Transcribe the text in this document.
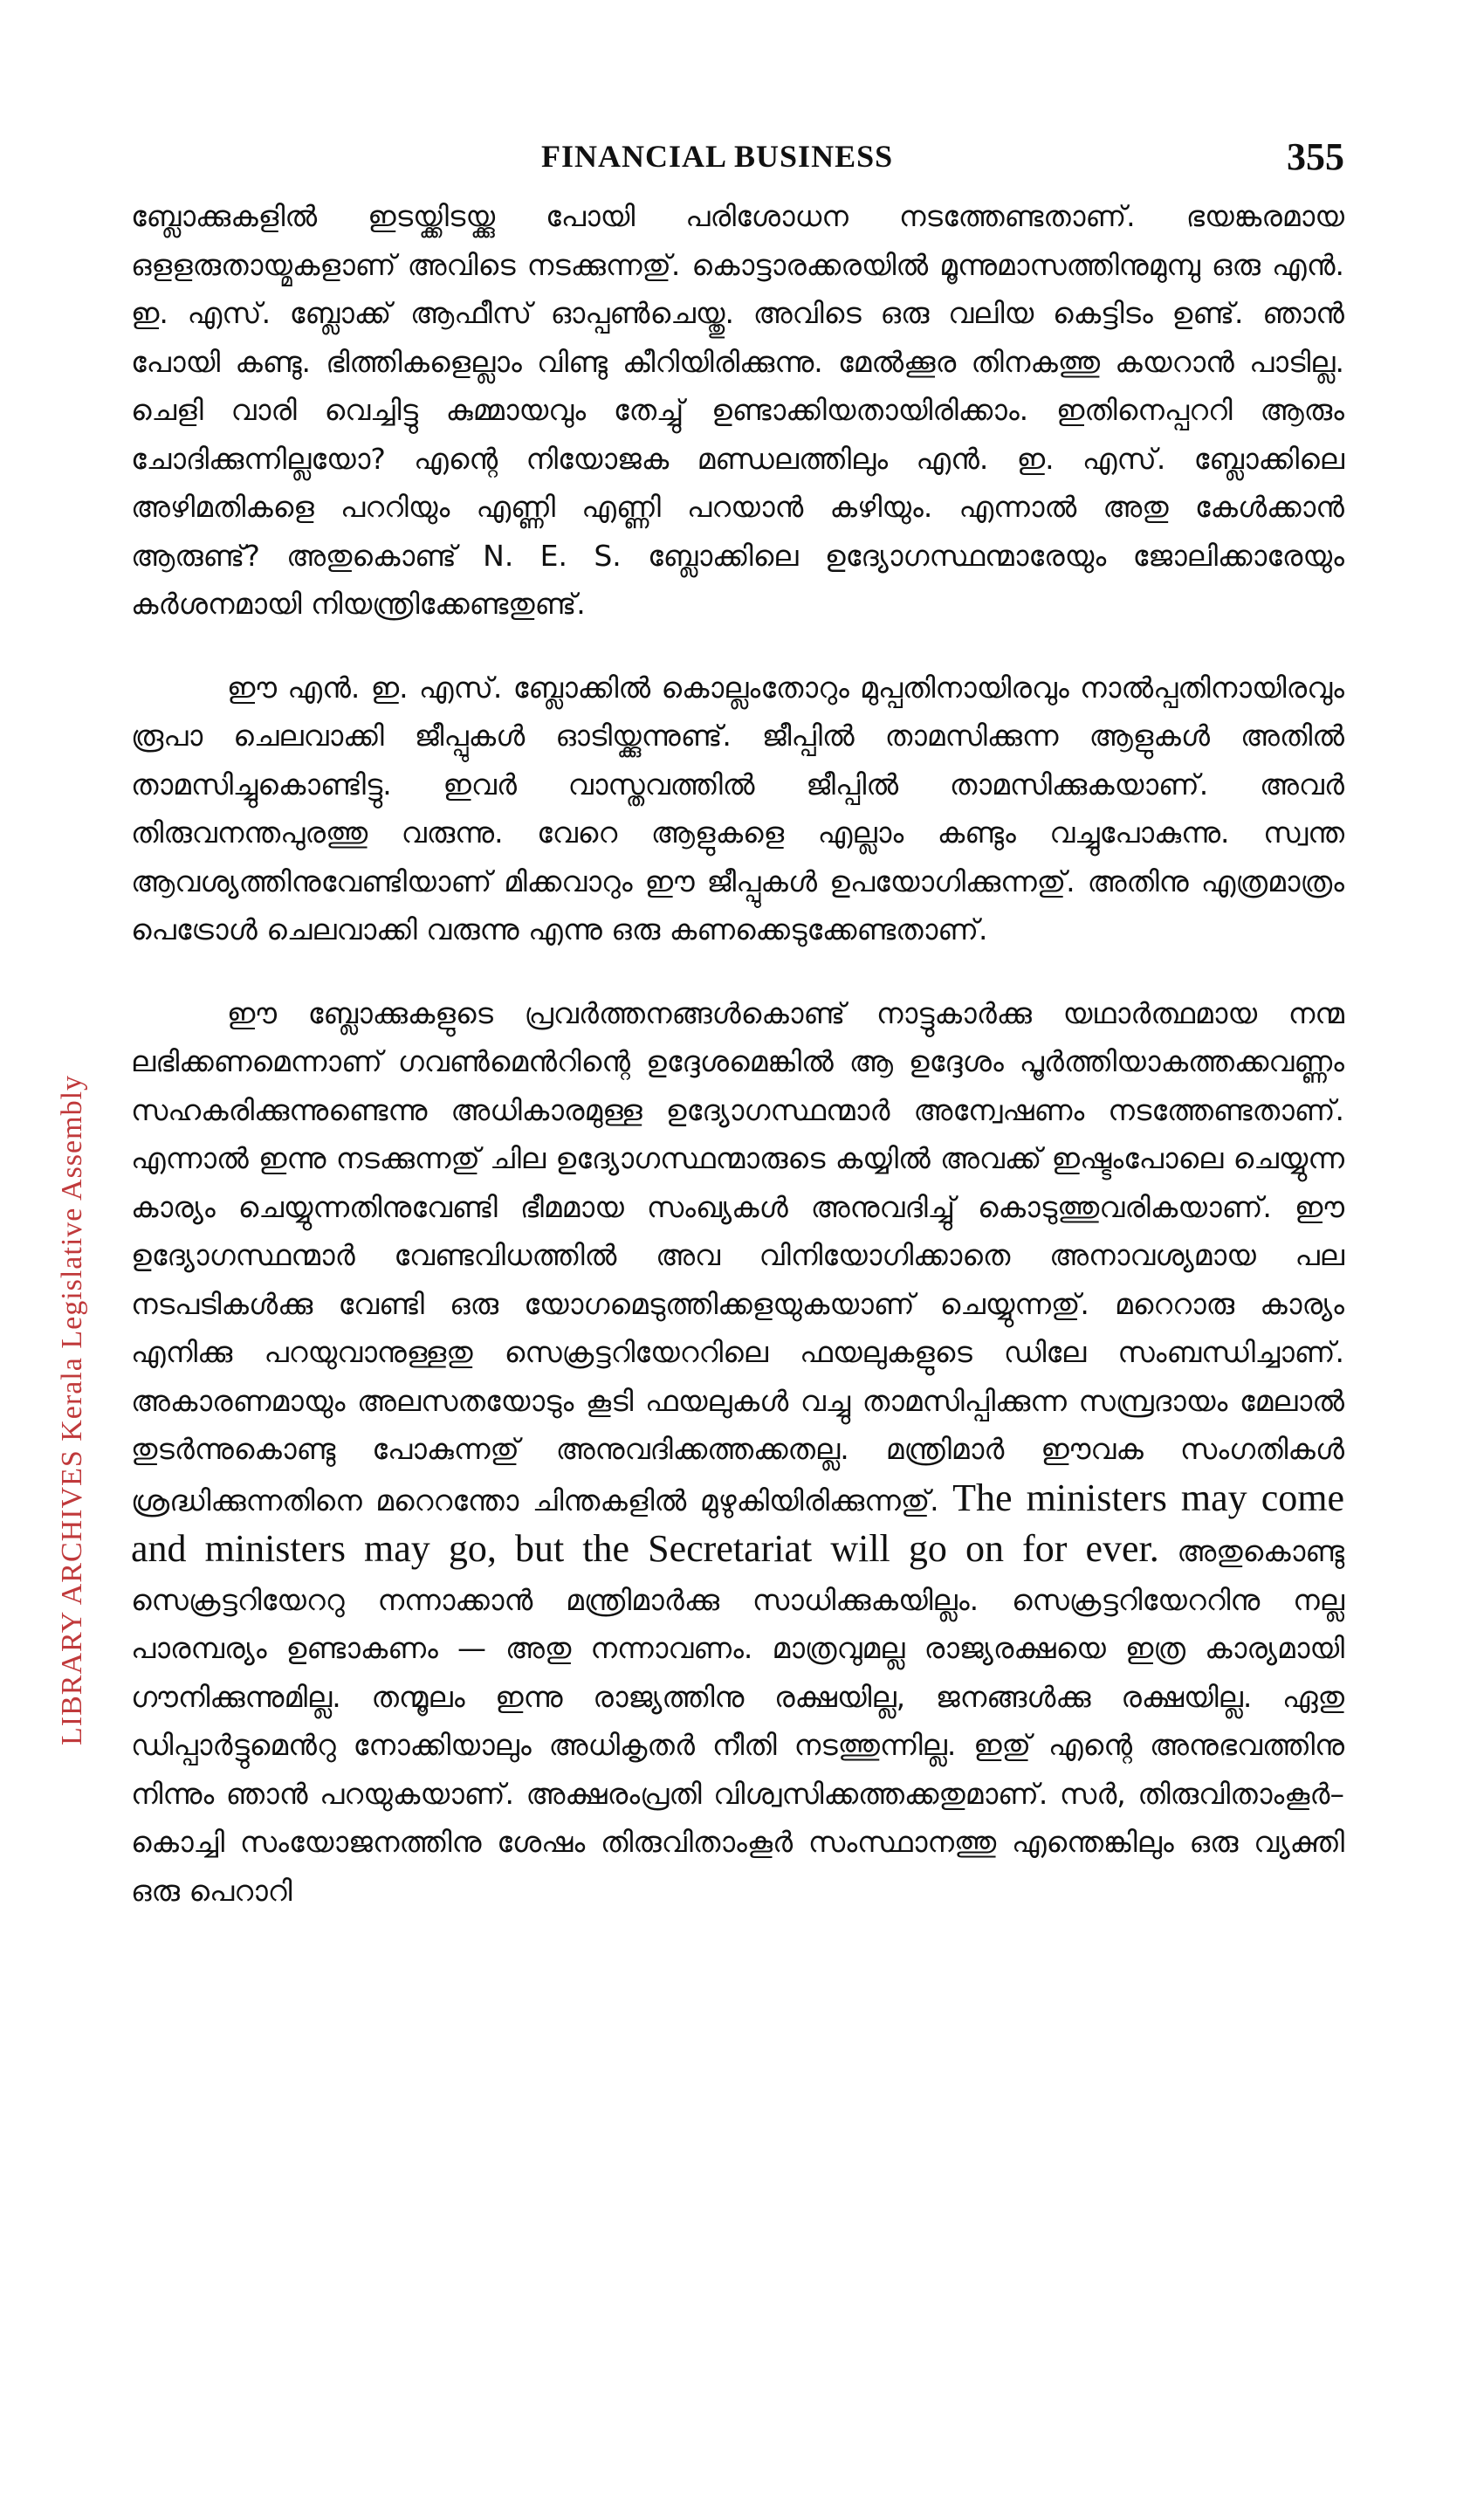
LIBRARY ARCHIVES Kerala Legislative Assembly
FINANCIAL BUSINESS	355

ബ്ലോക്കുകളിൽ ഇടയ്ക്കിടയ്ക്കു പോയി പരിശോധന നടത്തേണ്ടതാണ്. ഭയങ്കരമായ ഒളളരുതായ്മകളാണ് അവിടെ നടക്കുന്നതു്. കൊട്ടാരക്കരയിൽ മൂന്നുമാസത്തിനുമുമ്പു ഒരു എൻ. ഇ. എസ്. ബ്ലോക്ക് ആഫീസ് ഓപ്പൺചെയ്തു. അവിടെ ഒരു വലിയ കെട്ടിടം ഉണ്ട്. ഞാൻ പോയി കണ്ടു. ഭിത്തികളെല്ലാം വിണ്ടു കീറിയിരിക്കുന്നു. മേൽക്കൂര തിനകത്തു കയറാൻ പാടില്ല. ചെളി വാരി വെച്ചിട്ടു കുമ്മായവും തേച്ചു് ഉണ്ടാക്കിയതായിരിക്കാം. ഇതിനെപ്പററി ആരും ചോദിക്കുന്നില്ലയോ? എന്റെ നിയോജക മണ്ഡലത്തിലും എൻ. ഇ. എസ്. ബ്ലോക്കിലെ അഴിമതികളെ പററിയും എണ്ണി എണ്ണി പറയാൻ കഴിയും. എന്നാൽ അതു കേൾക്കാൻ ആരുണ്ട്? അതുകൊണ്ട് N. E. S. ബ്ലോക്കിലെ ഉദ്യോഗസ്ഥന്മാരേയും ജോലിക്കാരേയും കർശനമായി നിയന്ത്രിക്കേണ്ടതുണ്ട്.

ഈ എൻ. ഇ. എസ്. ബ്ലോക്കിൽ കൊല്ലംതോറും മുപ്പതിനായിരവും നാൽപ്പതിനായിരവും രൂപാ ചെലവാക്കി ജീപ്പുകൾ ഓടിയ്ക്കുന്നുണ്ട്. ജീപ്പിൽ താമസിക്കുന്ന ആളുകൾ അതിൽ താമസിച്ചുകൊണ്ടിട്ടു. ഇവർ വാസ്തവത്തിൽ ജീപ്പിൽ താമസിക്കുകയാണ്. അവർ തിരുവനന്തപുരത്തു വരുന്നു. വേറെ ആളുകളെ എല്ലാം കണ്ടും വച്ചുപോകുന്നു. സ്വന്ത ആവശ്യത്തിനുവേണ്ടിയാണ് മിക്കവാറും ഈ ജീപ്പുകൾ ഉപയോഗിക്കുന്നതു്. അതിനു എത്രമാത്രം പെട്രോൾ ചെലവാക്കി വരുന്നു എന്നു ഒരു കണക്കെടുക്കേണ്ടതാണ്.

ഈ ബ്ലോക്കുകളുടെ പ്രവർത്തനങ്ങൾകൊണ്ട് നാട്ടുകാർക്കു യഥാർത്ഥമായ നന്മ ലഭിക്കണമെന്നാണ് ഗവൺമെൻറിന്റെ ഉദ്ദേശമെങ്കിൽ ആ ഉദ്ദേശം പൂർത്തിയാകത്തക്കവണ്ണം സഹകരിക്കുന്നുണ്ടെന്നു അധികാരമുള്ള ഉദ്യോഗസ്ഥന്മാർ അന്വേഷണം നടത്തേണ്ടതാണ്. എന്നാൽ ഇന്നു നടക്കുന്നതു് ചില ഉദ്യോഗസ്ഥന്മാരുടെ കയ്യിൽ അവക്ക് ഇഷ്ടംപോലെ ചെയ്യുന്ന കാര്യം ചെയ്യുന്നതിനുവേണ്ടി ഭീമമായ സംഖ്യകൾ അനുവദിച്ചു് കൊടുത്തുവരികയാണ്. ഈ ഉദ്യോഗസ്ഥന്മാർ വേണ്ടവിധത്തിൽ അവ വിനിയോഗിക്കാതെ അനാവശ്യമായ പല നടപടികൾക്കു വേണ്ടി ഒരു യോഗമെടുത്തിക്കളയുകയാണ് ചെയ്യുന്നതു്. മറെറാരു കാര്യം എനിക്കു പറയുവാനുള്ളതു സെക്രട്ടറിയേററിലെ ഫയലുകളുടെ ഡിലേ സംബന്ധിച്ചാണ്. അകാരണമായും അലസതയോടും കൂടി ഫയലുകൾ വച്ചു താമസിപ്പിക്കുന്ന സമ്പ്രദായം മേലാൽ തുടർന്നുകൊണ്ടു പോകുന്നതു് അനുവദിക്കത്തക്കതല്ല. മന്ത്രിമാർ ഈവക സംഗതികൾ ശ്രദ്ധിക്കുന്നതിനെ മറെറന്തോ ചിന്തകളിൽ മുഴുകിയിരിക്കുന്നതു്. The ministers may come and ministers may go, but the Secretariat will go on for ever. അതുകൊണ്ടു സെക്രട്ടറിയേററു നന്നാക്കാൻ മന്ത്രിമാർക്കു സാധിക്കുകയില്ലം. സെക്രട്ടറിയേററിനു നല്ല പാരമ്പര്യം ഉണ്ടാകണം — അതു നന്നാവണം. മാത്രവുമല്ല രാജ്യരക്ഷയെ ഇത്ര കാര്യമായി ഗൗനിക്കുന്നുമില്ല. തന്മൂലം ഇന്നു രാജ്യത്തിനു രക്ഷയില്ല, ജനങ്ങൾക്കു രക്ഷയില്ല. ഏതു ഡിപ്പാർട്ടുമെൻറു നോക്കിയാലും അധികൃതർ നീതി നടത്തുന്നില്ല. ഇതു് എന്റെ അനുഭവത്തിനു നിന്നും ഞാൻ പറയുകയാണ്. അക്ഷരംപ്രതി വിശ്വസിക്കത്തക്കതുമാണ്. സർ, തിരുവിതാംകൂർ–കൊച്ചി സംയോജനത്തിനു ശേഷം തിരുവിതാംകൂർ സംസ്ഥാനത്തു എന്തെങ്കിലും ഒരു വ്യക്തി ഒരു പെറാറി
